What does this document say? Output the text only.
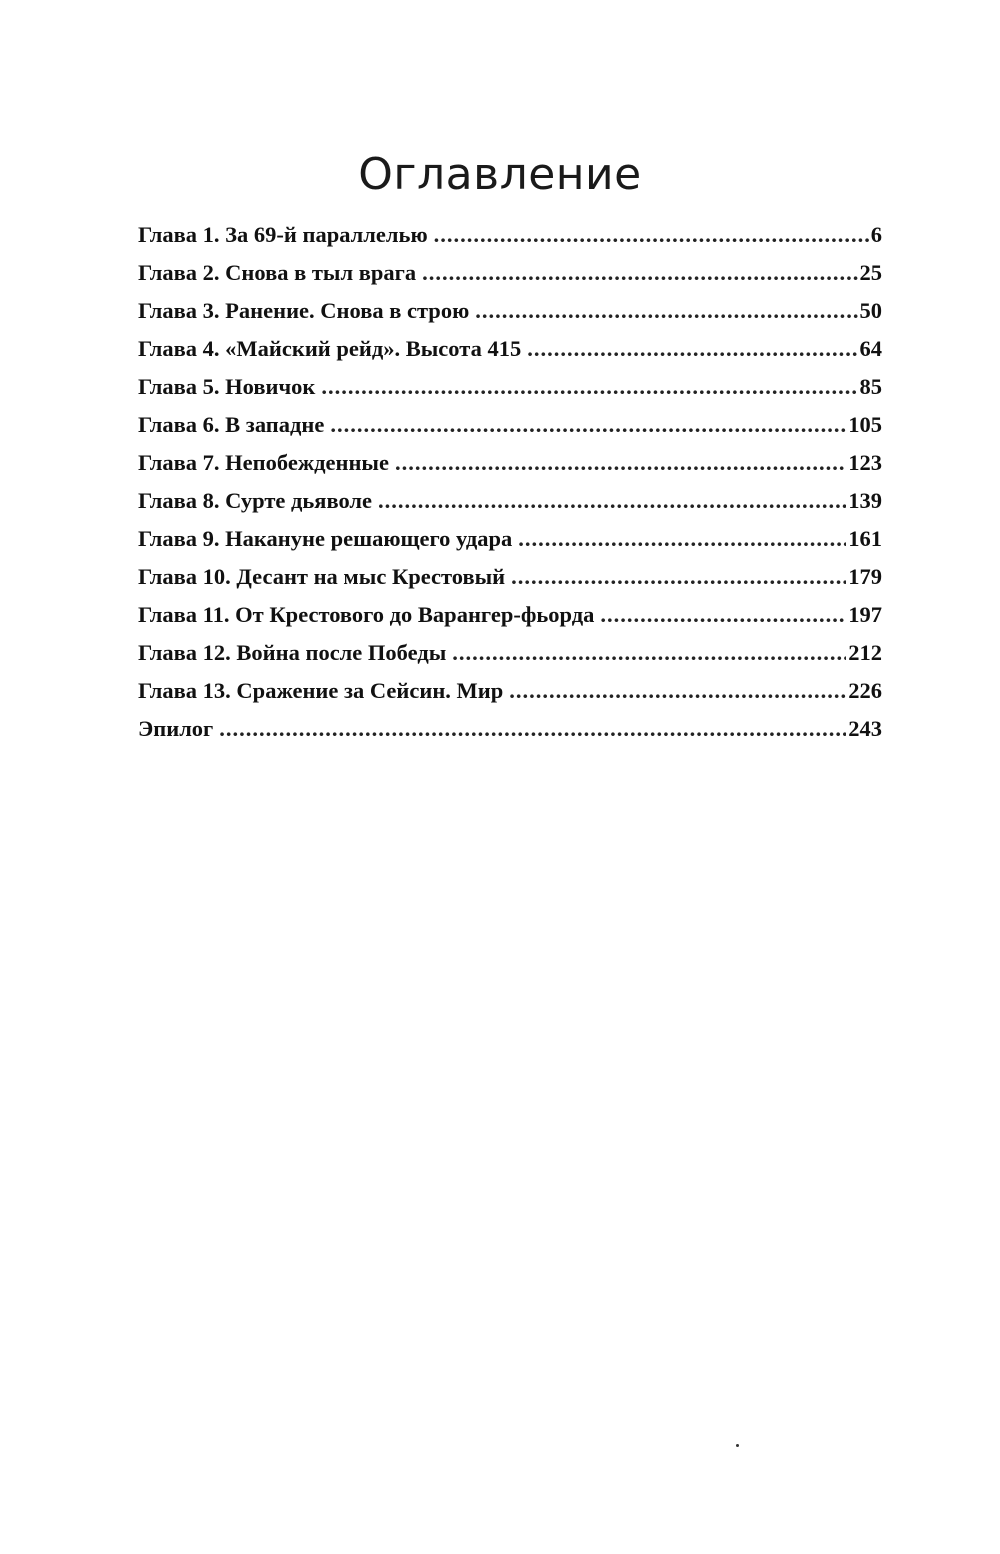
Оглавление
Глава 1. За 69-й параллелью .....	6
Глава 2. Снова в тыл врага .....	25
Глава 3. Ранение. Снова в строю .....	50
Глава 4. «Майский рейд». Высота 415 .....	64
Глава 5. Новичок .....	85
Глава 6. В западне .....	105
Глава 7. Непобежденные .....	123
Глава 8. Сурте дьяволе .....	139
Глава 9. Накануне решающего удара .....	161
Глава 10. Десант на мыс Крестовый .....	179
Глава 11. От Крестового до Варангер-фьорда .....	197
Глава 12. Война после Победы .....	212
Глава 13. Сражение за Сейсин. Мир .....	226
Эпилог .....	243
